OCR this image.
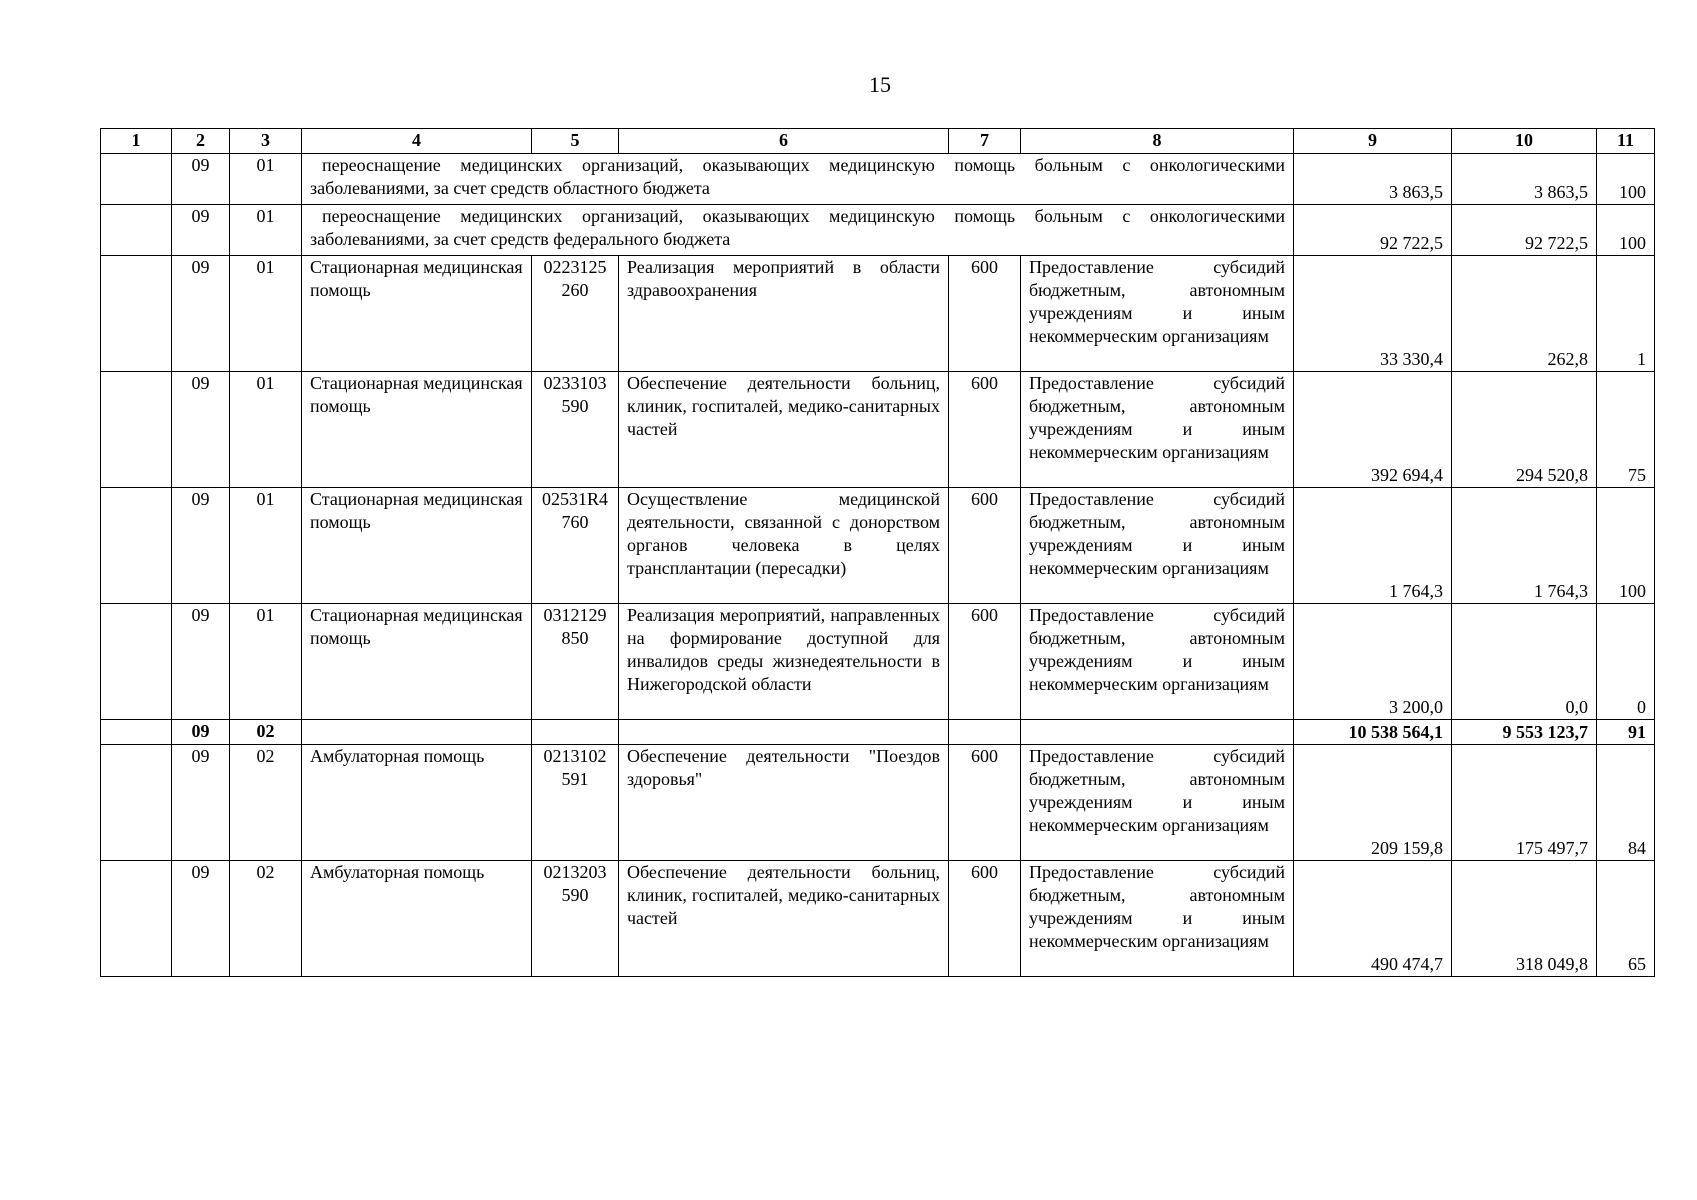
15
1	2	3	4	5	6	7	8	9	10	11
	09	01	переоснащение медицинских организаций, оказывающих медицинскую помощь больным с онкологическими заболеваниями, за счет средств областного бюджета					3 863,5	3 863,5	100
	09	01	переоснащение медицинских организаций, оказывающих медицинскую помощь больным с онкологическими заболеваниями, за счет средств федерального бюджета					92 722,5	92 722,5	100
	09	01	Стационарная медицинская помощь	0223125260	Реализация мероприятий в области здравоохранения	600	Предоставление субсидий бюджетным, автономным учреждениям и иным некоммерческим организациям	33 330,4	262,8	1
	09	01	Стационарная медицинская помощь	0233103590	Обеспечение деятельности больниц, клиник, госпиталей, медико-санитарных частей	600	Предоставление субсидий бюджетным, автономным учреждениям и иным некоммерческим организациям	392 694,4	294 520,8	75
	09	01	Стационарная медицинская помощь	02531R4760	Осуществление медицинской деятельности, связанной с донорством органов человека в целях трансплантации (пересадки)	600	Предоставление субсидий бюджетным, автономным учреждениям и иным некоммерческим организациям	1 764,3	1 764,3	100
	09	01	Стационарная медицинская помощь	0312129850	Реализация мероприятий, направленных на формирование доступной для инвалидов среды жизнедеятельности в Нижегородской области	600	Предоставление субсидий бюджетным, автономным учреждениям и иным некоммерческим организациям	3 200,0	0,0	0
	09	02						10 538 564,1	9 553 123,7	91
	09	02	Амбулаторная помощь	0213102591	Обеспечение деятельности "Поездов здоровья"	600	Предоставление субсидий бюджетным, автономным учреждениям и иным некоммерческим организациям	209 159,8	175 497,7	84
	09	02	Амбулаторная помощь	0213203590	Обеспечение деятельности больниц, клиник, госпиталей, медико-санитарных частей	600	Предоставление субсидий бюджетным, автономным учреждениям и иным некоммерческим организациям	490 474,7	318 049,8	65
